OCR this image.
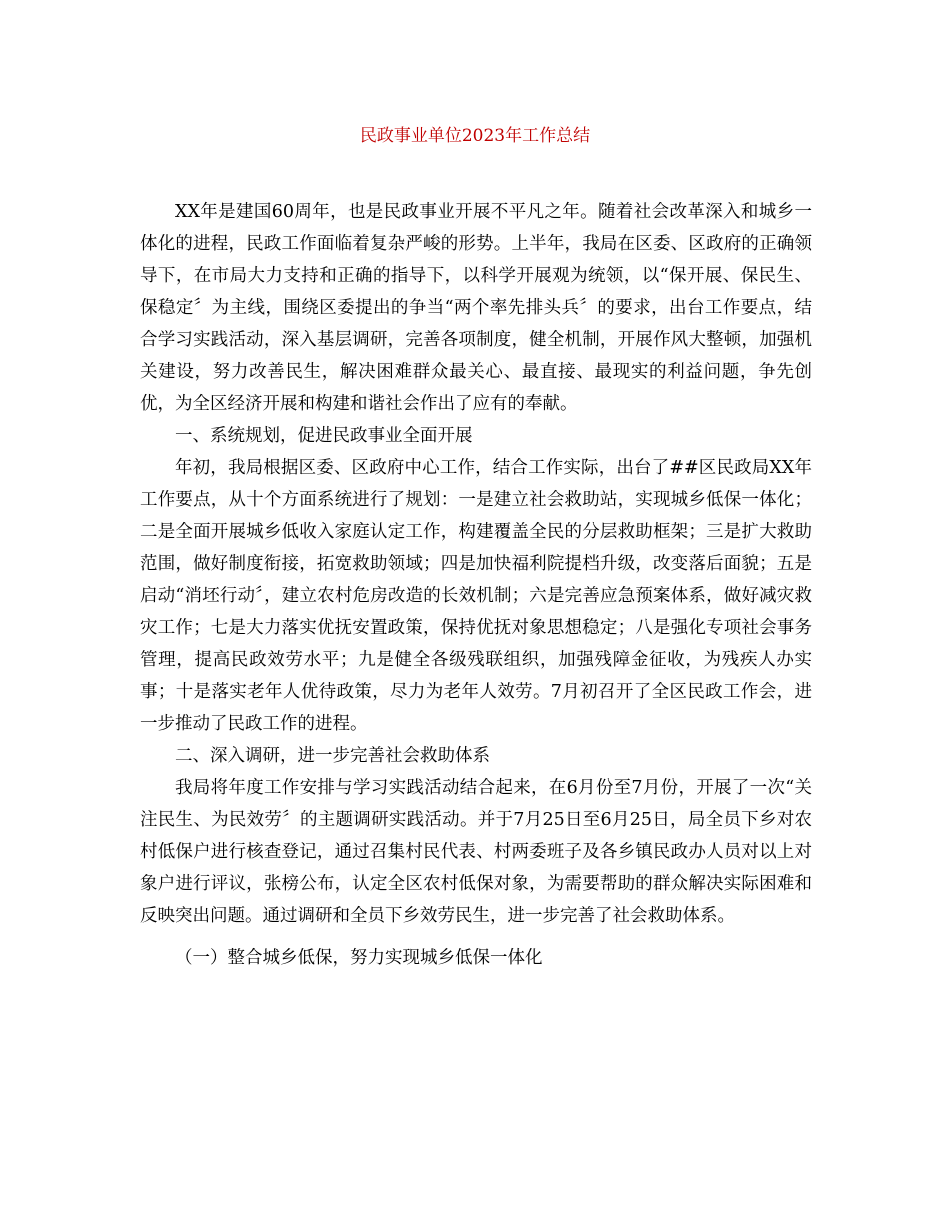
民政事业单位2023年工作总结

XX年是建国60周年，也是民政事业开展不平凡之年。随着社会改革深入和城乡一体化的进程，民政工作面临着复杂严峻的形势。上半年，我局在区委、区政府的正确领导下，在市局大力支持和正确的指导下，以科学开展观为统领，以“保开展、保民生、保稳定〞为主线，围绕区委提出的争当“两个率先排头兵〞的要求，出台工作要点，结合学习实践活动，深入基层调研，完善各项制度，健全机制，开展作风大整顿，加强机关建设，努力改善民生，解决困难群众最关心、最直接、最现实的利益问题，争先创优，为全区经济开展和构建和谐社会作出了应有的奉献。

一、系统规划，促进民政事业全面开展

年初，我局根据区委、区政府中心工作，结合工作实际，出台了##区民政局XX年工作要点，从十个方面系统进行了规划：一是建立社会救助站，实现城乡低保一体化；二是全面开展城乡低收入家庭认定工作，构建覆盖全民的分层救助框架；三是扩大救助范围，做好制度衔接，拓宽救助领域；四是加快福利院提档升级，改变落后面貌；五是启动“消坯行动〞，建立农村危房改造的长效机制；六是完善应急预案体系，做好减灾救灾工作；七是大力落实优抚安置政策，保持优抚对象思想稳定；八是强化专项社会事务管理，提高民政效劳水平；九是健全各级残联组织，加强残障金征收，为残疾人办实事；十是落实老年人优待政策，尽力为老年人效劳。7月初召开了全区民政工作会，进一步推动了民政工作的进程。

二、深入调研，进一步完善社会救助体系

我局将年度工作安排与学习实践活动结合起来，在6月份至7月份，开展了一次“关注民生、为民效劳〞的主题调研实践活动。并于7月25日至6月25日，局全员下乡对农村低保户进行核查登记，通过召集村民代表、村两委班子及各乡镇民政办人员对以上对象户进行评议，张榜公布，认定全区农村低保对象，为需要帮助的群众解决实际困难和反映突出问题。通过调研和全员下乡效劳民生，进一步完善了社会救助体系。

（一）整合城乡低保，努力实现城乡低保一体化
